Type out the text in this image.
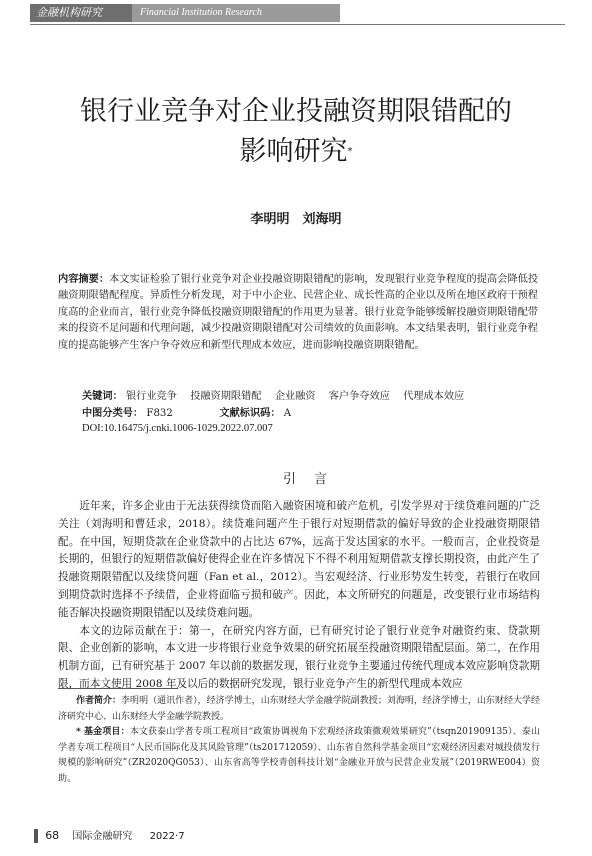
金融机构研究	Financial Institution Research
银行业竞争对企业投融资期限错配的
影响研究*
李明明　刘海明
内容摘要：本文实证检验了银行业竞争对企业投融资期限错配的影响，发现银行业竞争程度的提高会降低投融资期限错配程度。异质性分析发现，对于中小企业、民营企业、成长性高的企业以及所在地区政府干预程度高的企业而言，银行业竞争降低投融资期限错配的作用更为显著。银行业竞争能够缓解投融资期限错配带来的投资不足问题和代理问题，减少投融资期限错配对公司绩效的负面影响。本文结果表明，银行业竞争程度的提高能够产生客户争夺效应和新型代理成本效应，进而影响投融资期限错配。
关键词： 银行业竞争 投融资期限错配 企业融资 客户争夺效应 代理成本效应
中图分类号： F832	文献标识码： A
DOI:10.16475/j.cnki.1006-1029.2022.07.007
引言

近年来，许多企业由于无法获得续贷而陷入融资困境和破产危机，引发学界对于续贷难问题的广泛关注（刘海明和曹廷求，2018）。续贷难问题产生于银行对短期借款的偏好导致的企业投融资期限错配。在中国，短期贷款在企业贷款中的占比达 67%，远高于发达国家的水平。一般而言，企业投资是长期的，但银行的短期借款偏好使得企业在许多情况下不得不利用短期借款支撑长期投资，由此产生了投融资期限错配以及续贷问题（Fan et al.，2012）。当宏观经济、行业形势发生转变，若银行在收回到期贷款时选择不予续借，企业将面临亏损和破产。因此，本文所研究的问题是，改变银行业市场结构能否解决投融资期限错配以及续贷难问题。

本文的边际贡献在于：第一，在研究内容方面，已有研究讨论了银行业竞争对融资约束、贷款期限、企业创新的影响，本文进一步将银行业竞争效果的研究拓展至投融资期限错配层面。第二，在作用机制方面，已有研究基于 2007 年以前的数据发现，银行业竞争主要通过传统代理成本效应影响贷款期限，而本文使用 2008 年及以后的数据研究发现，银行业竞争产生的新型代理成本效应

作者简介：李明明（通讯作者），经济学博士，山东财经大学金融学院副教授；刘海明，经济学博士，山东财经大学经济研究中心、山东财经大学金融学院教授。

* 基金项目：本文获泰山学者专项工程项目“政策协调视角下宏观经济政策微观效果研究”（tsqn201909135）、泰山学者专项工程项目“人民币国际化及其风险管理”（ts201712059）、山东省自然科学基金项目“宏观经济因素对城投债发行规模的影响研究”（ZR2020QG053）、山东省高等学校青创科技计划“金融业开放与民营企业发展”（2019RWE004）资助。

68 国际金融研究 2022·7
